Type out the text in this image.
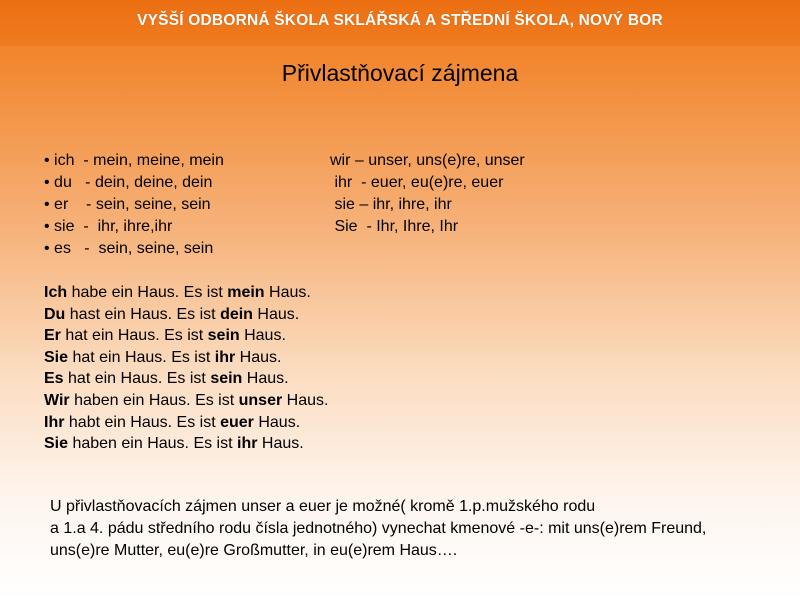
VYŠŠÍ ODBORNÁ ŠKOLA SKLÁŘSKÁ A STŘEDNÍ ŠKOLA, NOVÝ BOR
Přivlastňovací zájmena
• ich  - mein, meine, mein
• du   - dein, deine, dein
• er    - sein, seine, sein
• sie  -  ihr, ihre,ihr
• es   -  sein, seine, sein
wir – unser, uns(e)re, unser
ihr  - euer, eu(e)re, euer
sie – ihr, ihre, ihr
Sie  - Ihr, Ihre, Ihr
Ich habe ein Haus. Es ist mein Haus.
Du hast ein Haus. Es ist dein Haus.
Er hat ein Haus. Es ist sein Haus.
Sie hat ein Haus. Es ist ihr Haus.
Es hat ein Haus. Es ist sein Haus.
Wir haben ein Haus. Es ist unser Haus.
Ihr habt ein Haus. Es ist euer Haus.
Sie haben ein Haus. Es ist ihr Haus.
U přivlastňovacích zájmen unser a euer je možné( kromě 1.p.mužského rodu
a 1.a 4. pádu středního rodu čísla jednotného) vynechat kmenové -e-: mit uns(e)rem Freund,
uns(e)re Mutter, eu(e)re Großmutter, in eu(e)rem Haus….
